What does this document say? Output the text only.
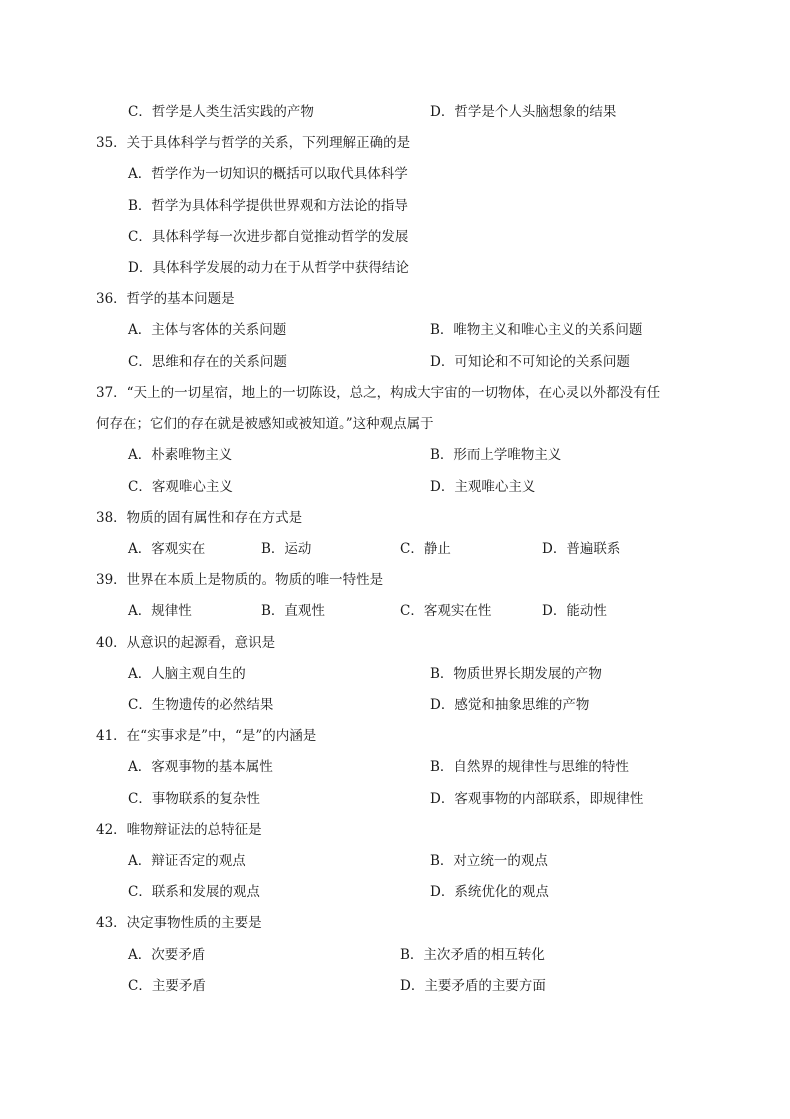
C．哲学是人类生活实践的产物	D．哲学是个人头脑想象的结果
35．关于具体科学与哲学的关系，下列理解正确的是
A．哲学作为一切知识的概括可以取代具体科学
B．哲学为具体科学提供世界观和方法论的指导
C．具体科学每一次进步都自觉推动哲学的发展
D．具体科学发展的动力在于从哲学中获得结论
36．哲学的基本问题是
A．主体与客体的关系问题	B．唯物主义和唯心主义的关系问题
C．思维和存在的关系问题	D．可知论和不可知论的关系问题
37．“天上的一切星宿，地上的一切陈设，总之，构成大宇宙的一切物体，在心灵以外都没有任
何存在；它们的存在就是被感知或被知道。”这种观点属于
A．朴素唯物主义	B．形而上学唯物主义
C．客观唯心主义	D．主观唯心主义
38．物质的固有属性和存在方式是
A．客观实在	B．运动	C．静止	D．普遍联系
39．世界在本质上是物质的。物质的唯一特性是
A．规律性	B．直观性	C．客观实在性	D．能动性
40．从意识的起源看，意识是
A．人脑主观自生的	B．物质世界长期发展的产物
C．生物遗传的必然结果	D．感觉和抽象思维的产物
41．在“实事求是”中，“是”的内涵是
A．客观事物的基本属性	B．自然界的规律性与思维的特性
C．事物联系的复杂性	D．客观事物的内部联系，即规律性
42．唯物辩证法的总特征是
A．辩证否定的观点	B．对立统一的观点
C．联系和发展的观点	D．系统优化的观点
43．决定事物性质的主要是
A．次要矛盾	B．主次矛盾的相互转化
C．主要矛盾	D．主要矛盾的主要方面
